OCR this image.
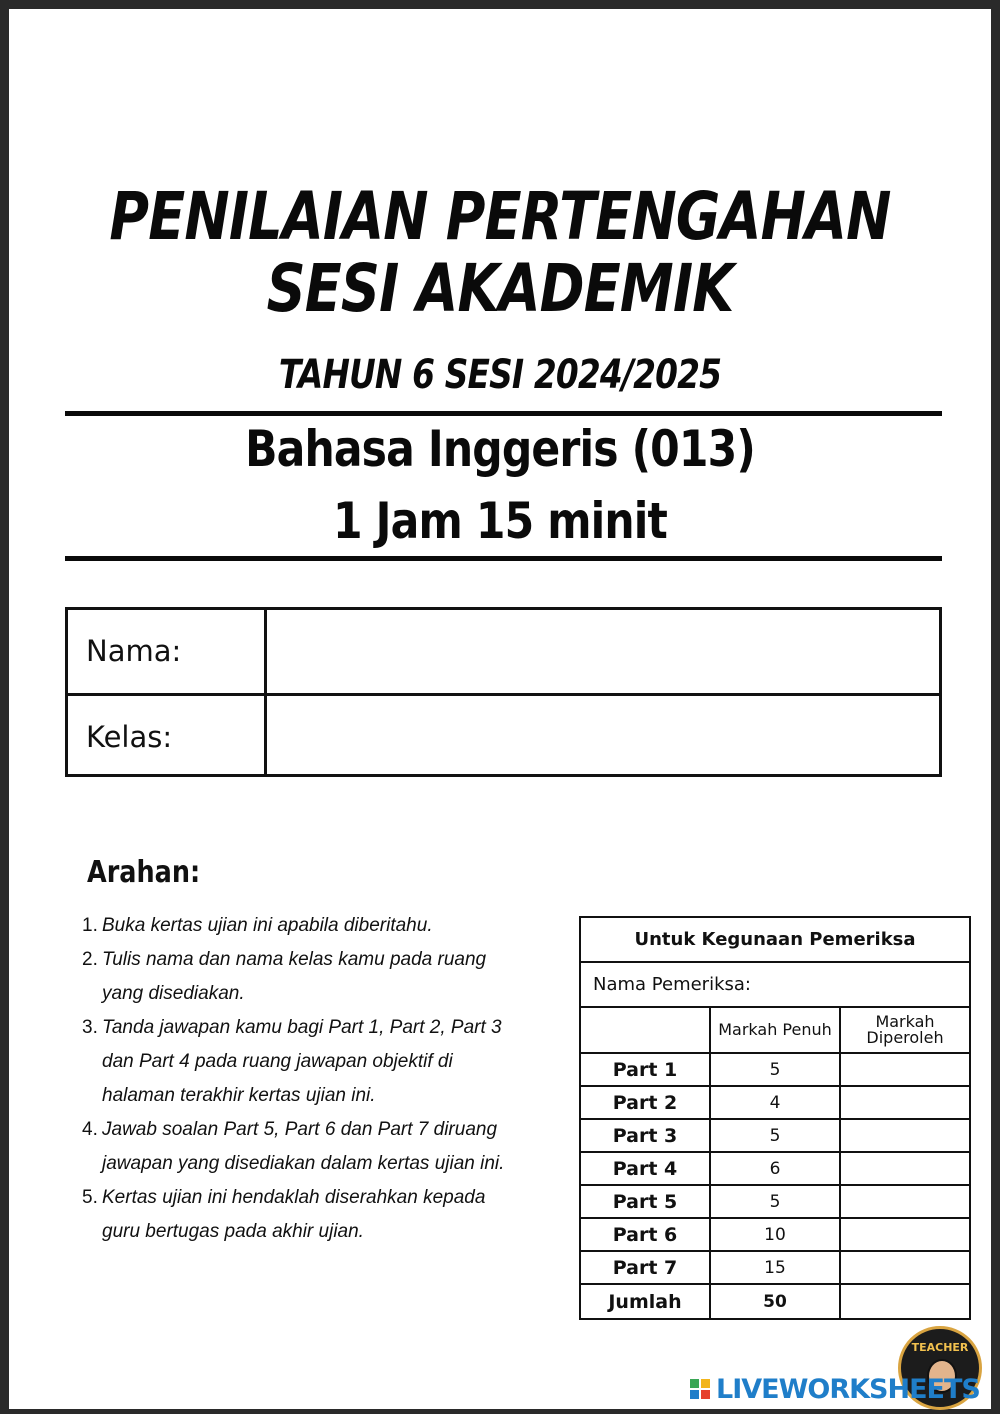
PENILAIAN PERTENGAHAN
SESI AKADEMIK
TAHUN 6 SESI 2024/2025
Bahasa Inggeris (013)
1 Jam 15 minit
Nama:
Kelas:
Arahan:
1. Buka kertas ujian ini apabila diberitahu.
2. Tulis nama dan nama kelas kamu pada ruang yang disediakan.
3. Tanda jawapan kamu bagi Part 1, Part 2, Part 3 dan Part 4 pada ruang jawapan objektif di halaman terakhir kertas ujian ini.
4. Jawab soalan Part 5, Part 6 dan Part 7 diruang jawapan yang disediakan dalam kertas ujian ini.
5. Kertas ujian ini hendaklah diserahkan kepada guru bertugas pada akhir ujian.
Untuk Kegunaan Pemeriksa		
Nama Pemeriksa:		
	Markah Penuh	Markah Diperoleh
Part 1	5	
Part 2	4	
Part 3	5	
Part 4	6	
Part 5	5	
Part 6	10	
Part 7	15	
Jumlah	50	
TEACHER
LIVEWORKSHEETS
